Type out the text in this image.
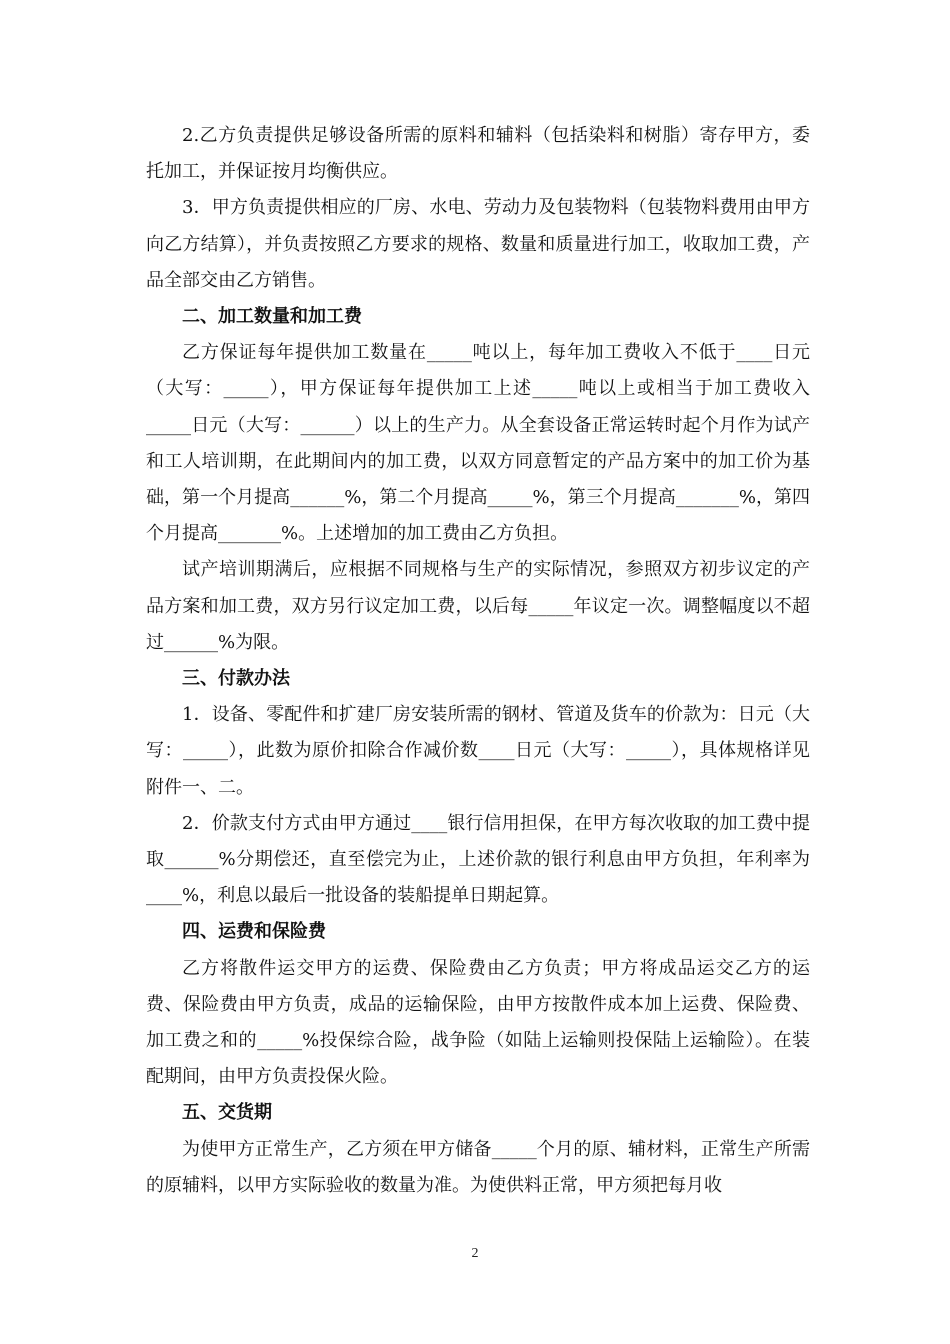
2.乙方负责提供足够设备所需的原料和辅料（包括染料和树脂）寄存甲方，委托加工，并保证按月均衡供应。

3．甲方负责提供相应的厂房、水电、劳动力及包装物料（包装物料费用由甲方向乙方结算），并负责按照乙方要求的规格、数量和质量进行加工，收取加工费，产品全部交由乙方销售。

二、加工数量和加工费

乙方保证每年提供加工数量在_____吨以上，每年加工费收入不低于____日元（大写：_____），甲方保证每年提供加工上述_____吨以上或相当于加工费收入_____日元（大写：______）以上的生产力。从全套设备正常运转时起个月作为试产和工人培训期，在此期间内的加工费，以双方同意暂定的产品方案中的加工价为基础，第一个月提高______%，第二个月提高_____%，第三个月提高_______%，第四个月提高_______%。上述增加的加工费由乙方负担。

试产培训期满后，应根据不同规格与生产的实际情况，参照双方初步议定的产品方案和加工费，双方另行议定加工费，以后每_____年议定一次。调整幅度以不超过______%为限。

三、付款办法

1．设备、零配件和扩建厂房安装所需的钢材、管道及货车的价款为：日元（大写：_____），此数为原价扣除合作减价数____日元（大写：_____），具体规格详见附件一、二。

2．价款支付方式由甲方通过____银行信用担保，在甲方每次收取的加工费中提取______%分期偿还，直至偿完为止，上述价款的银行利息由甲方负担，年利率为____%，利息以最后一批设备的装船提单日期起算。

四、运费和保险费

乙方将散件运交甲方的运费、保险费由乙方负责；甲方将成品运交乙方的运费、保险费由甲方负责，成品的运输保险，由甲方按散件成本加上运费、保险费、加工费之和的_____%投保综合险，战争险（如陆上运输则投保陆上运输险）。在装配期间，由甲方负责投保火险。

五、交货期

为使甲方正常生产，乙方须在甲方储备_____个月的原、辅材料，正常生产所需的原辅料，以甲方实际验收的数量为准。为使供料正常，甲方须把每月收

2
